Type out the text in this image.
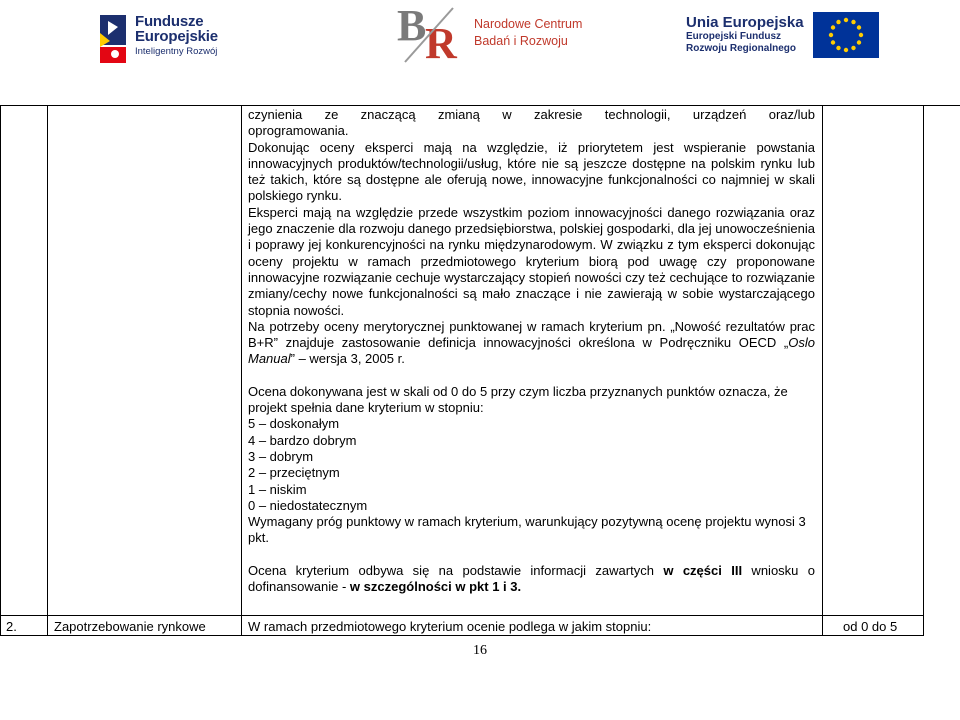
Fundusze
Europejskie
Inteligentny Rozwój
B
R Narodowe Centrum
Badań i Rozwoju
Unia Europejska
Europejski Fundusz
Rozwoju Regionalnego

czynienia ze znaczącą zmianą w zakresie technologii, urządzeń oraz/lub

oprogramowania.

Dokonując oceny eksperci mają na względzie, iż priorytetem jest wspieranie powstania innowacyjnych produktów/technologii/usług, które nie są jeszcze dostępne na polskim rynku lub też takich, które są dostępne ale oferują nowe, innowacyjne funkcjonalności co najmniej w skali polskiego rynku.

Eksperci mają na względzie przede wszystkim poziom innowacyjności danego rozwiązania oraz jego znaczenie dla rozwoju danego przedsiębiorstwa, polskiej gospodarki, dla jej unowocześnienia i poprawy jej konkurencyjności na rynku międzynarodowym. W związku z tym eksperci dokonując oceny projektu w ramach przedmiotowego kryterium biorą pod uwagę czy proponowane innowacyjne rozwiązanie cechuje wystarczający stopień nowości czy też cechujące to rozwiązanie zmiany/cechy nowe funkcjonalności są mało znaczące i nie zawierają w sobie wystarczającego stopnia nowości.

Na potrzeby oceny merytorycznej punktowanej w ramach kryterium pn. „Nowość rezultatów prac B+R” znajduje zastosowanie definicja innowacyjności określona w Podręczniku OECD „Oslo Manual” – wersja 3, 2005 r.

Ocena dokonywana jest w skali od 0 do 5 przy czym liczba przyznanych punktów oznacza, że projekt spełnia dane kryterium w stopniu:

5 – doskonałym

4 – bardzo dobrym

3 – dobrym

2 – przeciętnym

1 – niskim

0 – niedostatecznym

Wymagany próg punktowy w ramach kryterium, warunkujący pozytywną ocenę projektu wynosi 3 pkt.

Ocena kryterium odbywa się na podstawie informacji zawartych w części III wniosku o dofinansowanie - w szczególności w pkt 1 i 3.

2.	Zapotrzebowanie rynkowe	W ramach przedmiotowego kryterium ocenie podlega w jakim stopniu:	od 0 do 5
16
